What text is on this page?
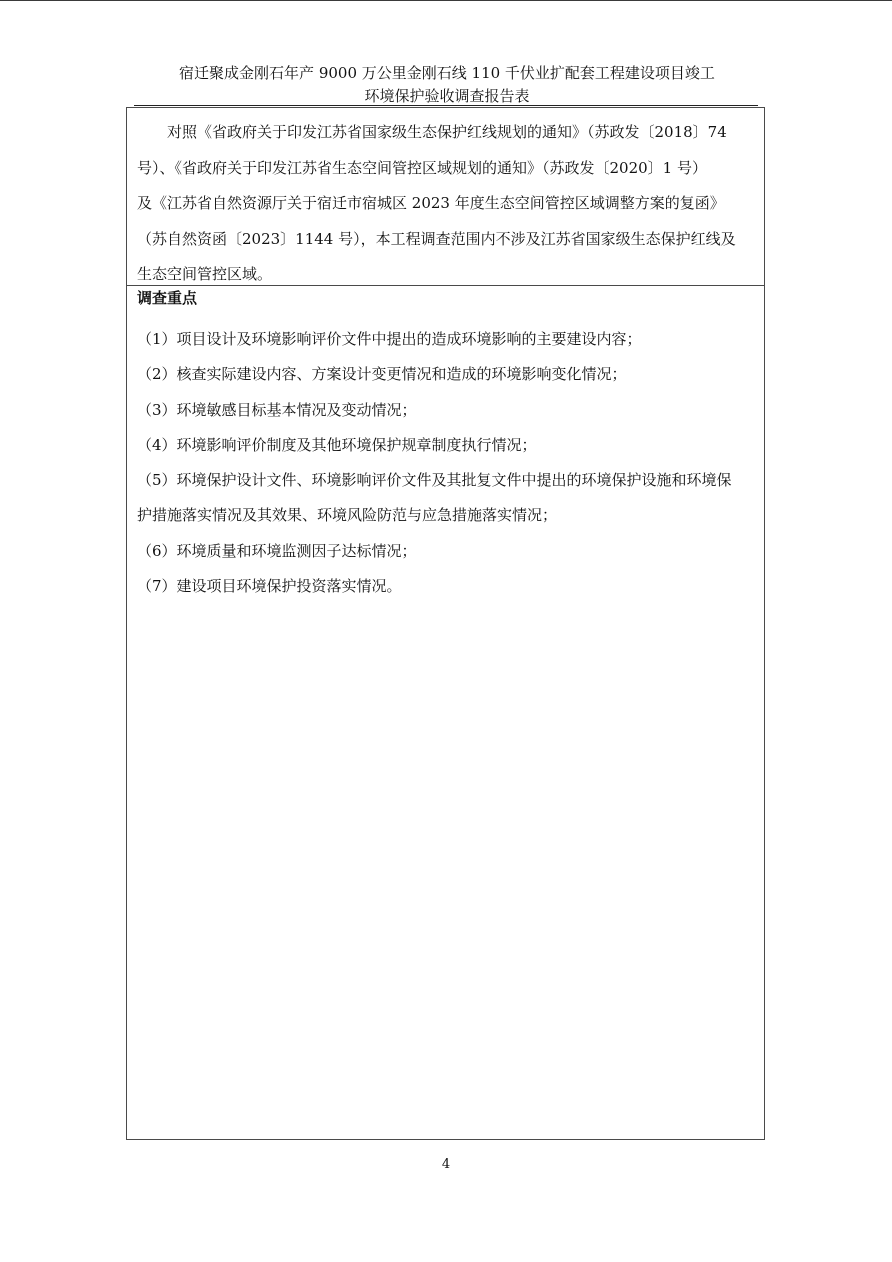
宿迁聚成金刚石年产 9000 万公里金刚石线 110 千伏业扩配套工程建设项目竣工
环境保护验收调查报告表
　　对照《省政府关于印发江苏省国家级生态保护红线规划的通知》（苏政发〔2018〕74
号）、《省政府关于印发江苏省生态空间管控区域规划的通知》（苏政发〔2020〕1 号）
及《江苏省自然资源厅关于宿迁市宿城区 2023 年度生态空间管控区域调整方案的复函》
（苏自然资函〔2023〕1144 号），本工程调查范围内不涉及江苏省国家级生态保护红线及
生态空间管控区域。
调查重点
（1）项目设计及环境影响评价文件中提出的造成环境影响的主要建设内容；
（2）核查实际建设内容、方案设计变更情况和造成的环境影响变化情况；
（3）环境敏感目标基本情况及变动情况；
（4）环境影响评价制度及其他环境保护规章制度执行情况；
（5）环境保护设计文件、环境影响评价文件及其批复文件中提出的环境保护设施和环境保
护措施落实情况及其效果、环境风险防范与应急措施落实情况；
（6）环境质量和环境监测因子达标情况；
（7）建设项目环境保护投资落实情况。
4
